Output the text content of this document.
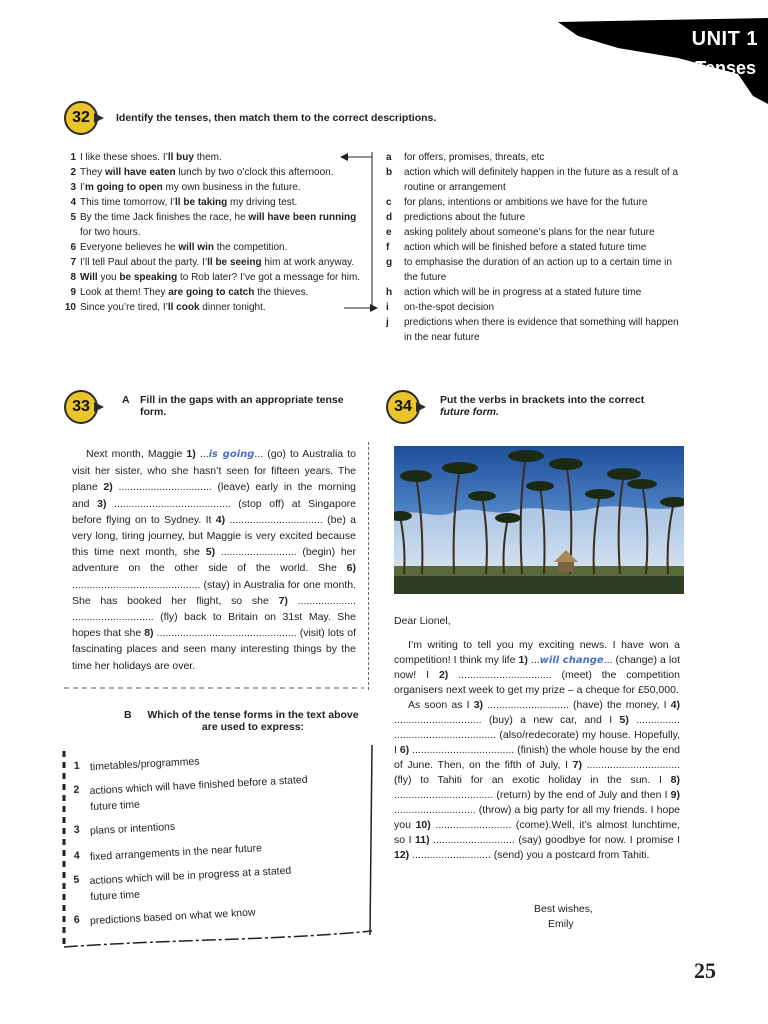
UNIT 1
Tenses
32	Identify the tenses, then match them to the correct descriptions.
1 I like these shoes. I’ll buy them.
2 They will have eaten lunch by two o’clock this afternoon.
3 I’m going to open my own business in the future.
4 This time tomorrow, I’ll be taking my driving test.
5 By the time Jack finishes the race, he will have been running for two hours.
6 Everyone believes he will win the competition.
7 I’ll tell Paul about the party. I’ll be seeing him at work anyway.
8 Will you be speaking to Rob later? I’ve got a message for him.
9 Look at them! They are going to catch the thieves.
10 Since you’re tired, I’ll cook dinner tonight.
a for offers, promises, threats, etc
b action which will definitely happen in the future as a result of a routine or arrangement
c for plans, intentions or ambitions we have for the future
d predictions about the future
e asking politely about someone’s plans for the near future
f action which will be finished before a stated future time
g to emphasise the duration of an action up to a certain time in the future
h action which will be in progress at a stated future time
i on-the-spot decision
j predictions when there is evidence that something will happen in the near future
33	A Fill in the gaps with an appropriate tense form.
Next month, Maggie 1) ...is going... (go) to Australia to visit her sister, who she hasn’t seen for fifteen years. The plane 2) ................................ (leave) early in the morning and 3) ........................................ (stop off) at Singapore before flying on to Sydney. It 4) ................................ (be) a very long, tiring journey, but Maggie is very excited because this time next month, she 5) .......................... (begin) her adventure on the other side of the world. She 6) ............................................ (stay) in Australia for one month. She has booked her flight, so she 7) .................... ............................ (fly) back to Britain on 31st May. She hopes that she 8) ................................................ (visit) lots of fascinating places and seen many interesting things by the time her holidays are over.
B	Which of the tense forms in the text above are used to express:
1 timetables/programmes
2 actions which will have finished before a stated future time
3 plans or intentions
4 fixed arrangements in the near future
5 actions which will be in progress at a stated future time
6 predictions based on what we know
34	Put the verbs in brackets into the correct
future form.
Dear Lionel,
I’m writing to tell you my exciting news. I have won a competition! I think my life 1) ...will change... (change) a lot now! I 2) ................................ (meet) the competition organisers next week to get my prize – a cheque for £50,000.
As soon as I 3) ............................ (have) the money, I 4) .............................. (buy) a new car, and I 5) ............... ................................... (also/redecorate) my house. Hopefully, I 6) ................................... (finish) the whole house by the end of June. Then, on the fifth of July, I 7) ................................ (fly) to Tahiti for an exotic holiday in the sun. I 8) .................................. (return) by the end of July and then I 9) ............................ (throw) a big party for all my friends. I hope you 10) .......................... (come).Well, it’s almost lunchtime, so I 11) ............................ (say) goodbye for now. I promise I 12) ........................... (send) you a postcard from Tahiti.
Best wishes,
Emily
25
